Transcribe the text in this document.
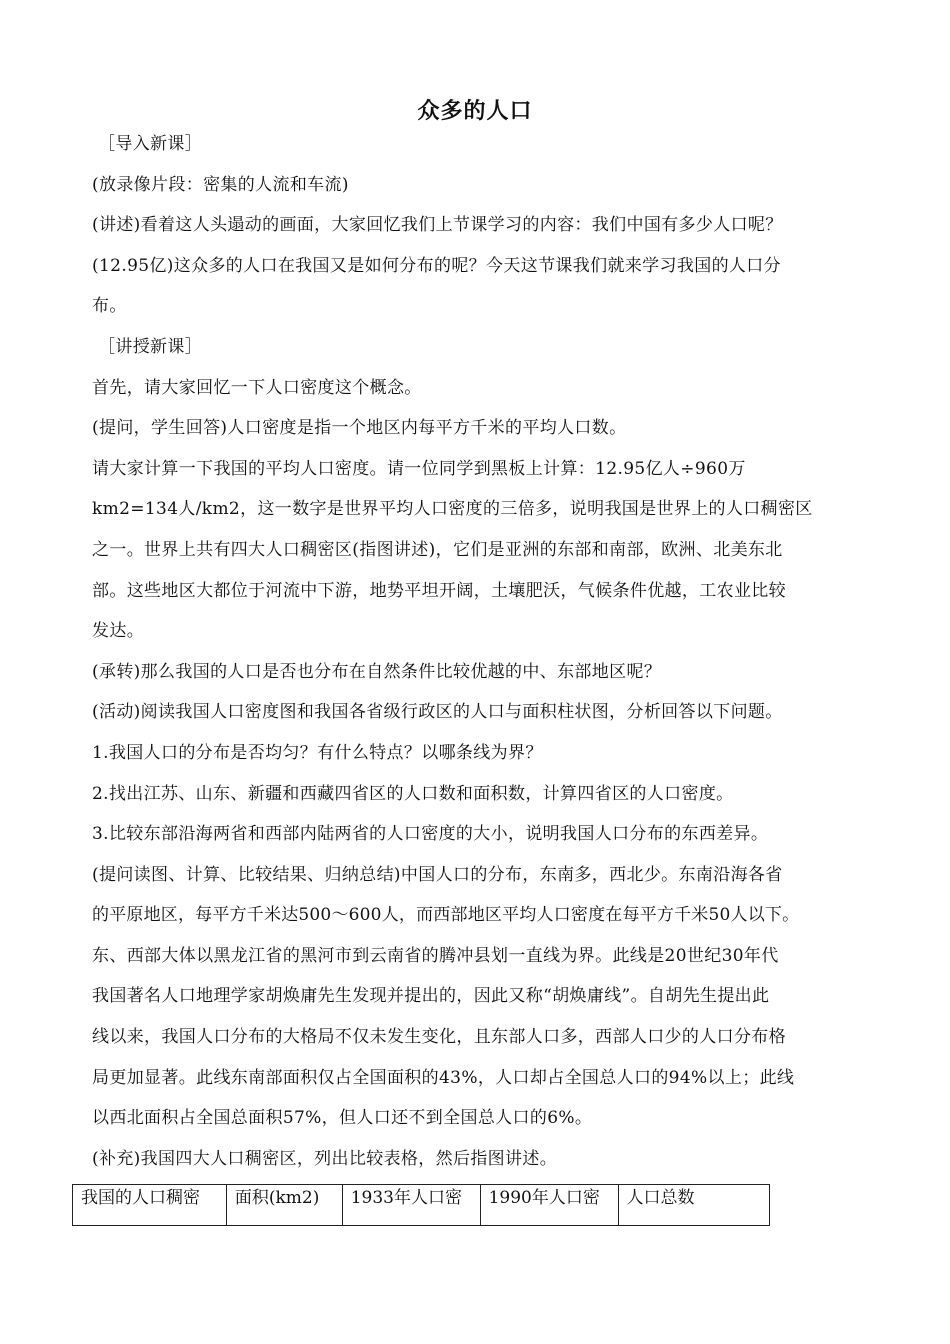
众多的人口
［导入新课］
(放录像片段：密集的人流和车流)
(讲述)看着这人头遢动的画面，大家回忆我们上节课学习的内容：我们中国有多少人口呢？
(12.95亿)这众多的人口在我国又是如何分布的呢？今天这节课我们就来学习我国的人口分
布。
［讲授新课］
首先，请大家回忆一下人口密度这个概念。
(提问，学生回答)人口密度是指一个地区内每平方千米的平均人口数。
请大家计算一下我国的平均人口密度。请一位同学到黑板上计算：12.95亿人÷960万
km2=134人/km2，这一数字是世界平均人口密度的三倍多，说明我国是世界上的人口稠密区
之一。世界上共有四大人口稠密区(指图讲述)，它们是亚洲的东部和南部，欧洲、北美东北
部。这些地区大都位于河流中下游，地势平坦开阔，土壤肥沃，气候条件优越，工农业比较
发达。
(承转)那么我国的人口是否也分布在自然条件比较优越的中、东部地区呢？
(活动)阅读我国人口密度图和我国各省级行政区的人口与面积柱状图，分析回答以下问题。
1.我国人口的分布是否均匀？有什么特点？以哪条线为界？
2.找出江苏、山东、新疆和西藏四省区的人口数和面积数，计算四省区的人口密度。
3.比较东部沿海两省和西部内陆两省的人口密度的大小，说明我国人口分布的东西差异。
(提问读图、计算、比较结果、归纳总结)中国人口的分布，东南多，西北少。东南沿海各省
的平原地区，每平方千米达500～600人，而西部地区平均人口密度在每平方千米50人以下。
东、西部大体以黑龙江省的黑河市到云南省的腾冲县划一直线为界。此线是20世纪30年代
我国著名人口地理学家胡焕庸先生发现并提出的，因此又称“胡焕庸线”。自胡先生提出此
线以来，我国人口分布的大格局不仅未发生变化，且东部人口多，西部人口少的人口分布格
局更加显著。此线东南部面积仅占全国面积的43%，人口却占全国总人口的94%以上；此线
以西北面积占全国总面积57%，但人口还不到全国总人口的6%。
(补充)我国四大人口稠密区，列出比较表格，然后指图讲述。
我国的人口稠密	面积(km2)	1933年人口密	1990年人口密	人口总数
